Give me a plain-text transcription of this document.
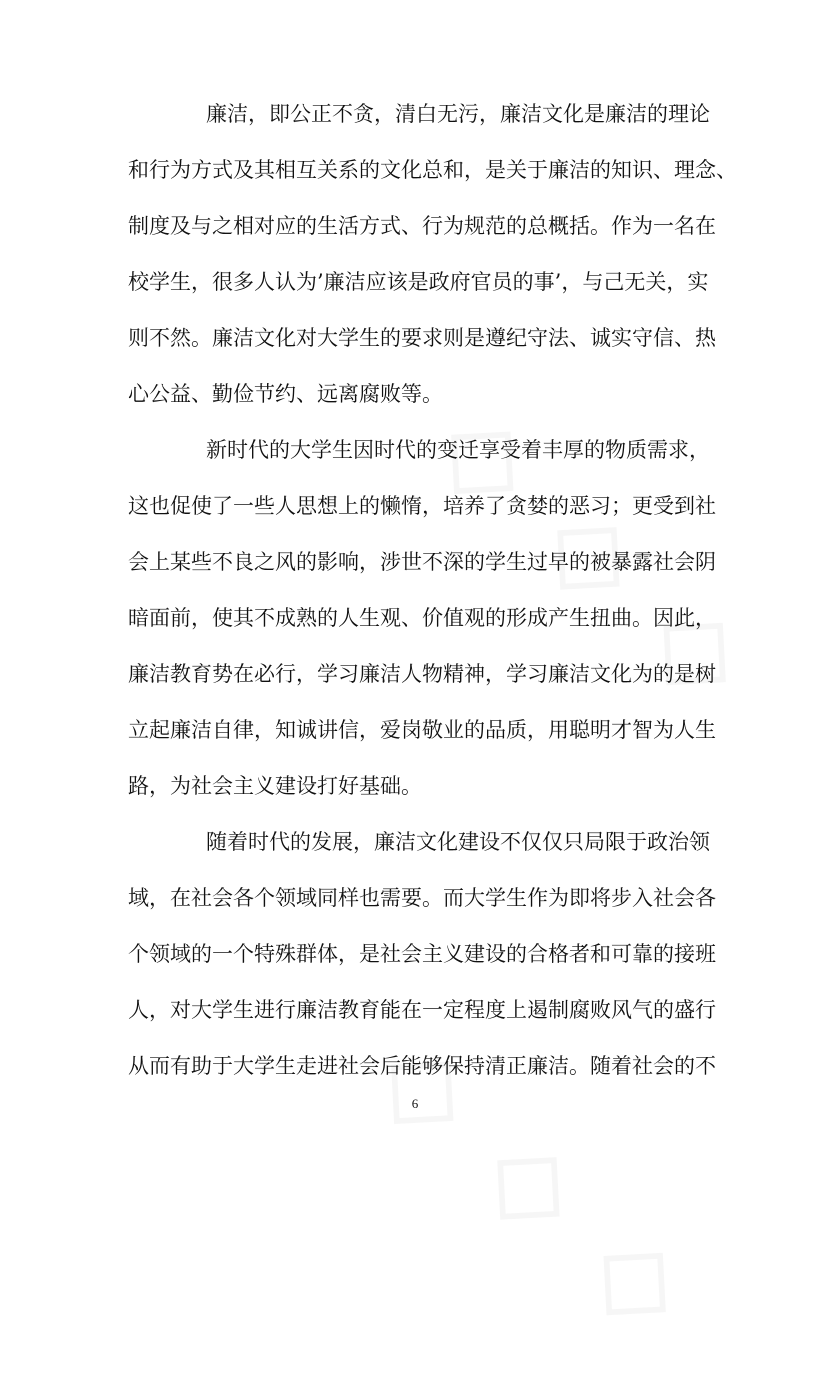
廉洁，即公正不贪，清白无污，廉洁文化是廉洁的理论
和行为方式及其相互关系的文化总和，是关于廉洁的知识、理念、
制度及与之相对应的生活方式、行为规范的总概括。作为一名在
校学生，很多人认为’廉洁应该是政府官员的事’，与己无关，实
则不然。廉洁文化对大学生的要求则是遵纪守法、诚实守信、热
心公益、勤俭节约、远离腐败等。
新时代的大学生因时代的变迁享受着丰厚的物质需求，
这也促使了一些人思想上的懒惰，培养了贪婪的恶习；更受到社
会上某些不良之风的影响，涉世不深的学生过早的被暴露社会阴
暗面前，使其不成熟的人生观、价值观的形成产生扭曲。因此，
廉洁教育势在必行，学习廉洁人物精神，学习廉洁文化为的是树
立起廉洁自律，知诚讲信，爱岗敬业的品质，用聪明才智为人生
路，为社会主义建设打好基础。
随着时代的发展，廉洁文化建设不仅仅只局限于政治领
域，在社会各个领域同样也需要。而大学生作为即将步入社会各
个领域的一个特殊群体，是社会主义建设的合格者和可靠的接班
人，对大学生进行廉洁教育能在一定程度上遏制腐败风气的盛行
从而有助于大学生走进社会后能够保持清正廉洁。随着社会的不
6
